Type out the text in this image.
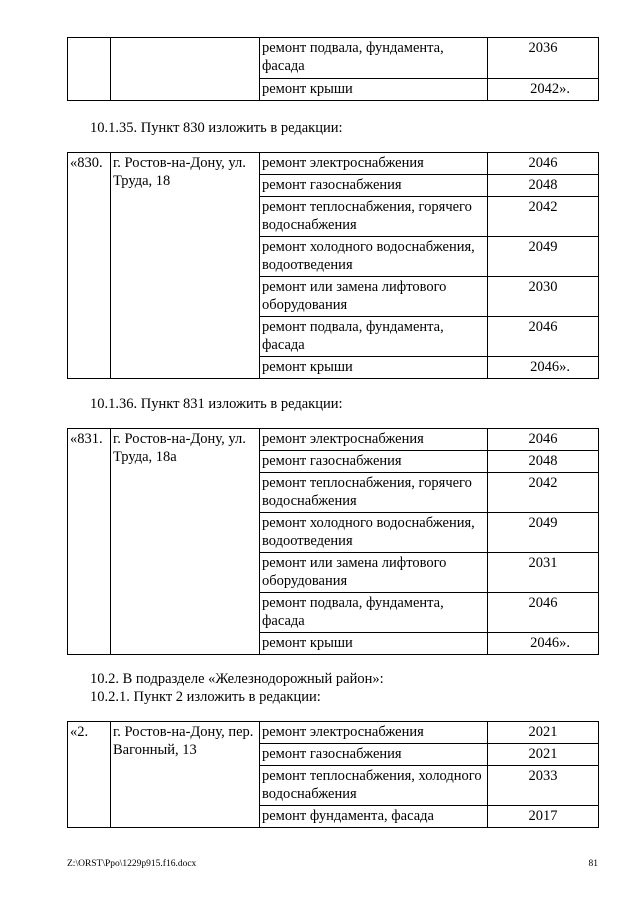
		ремонт подвала, фундамента, фасада	2036
		ремонт крыши	2042».
10.1.35. Пункт 830 изложить в редакции:
«830.	г. Ростов-на-Дону, ул. Труда, 18	ремонт электроснабжения	2046
		ремонт газоснабжения	2048
		ремонт теплоснабжения, горячего водоснабжения	2042
		ремонт холодного водоснабжения, водоотведения	2049
		ремонт или замена лифтового оборудования	2030
		ремонт подвала, фундамента, фасада	2046
		ремонт крыши	2046».
10.1.36. Пункт 831 изложить в редакции:
«831.	г. Ростов-на-Дону, ул. Труда, 18а	ремонт электроснабжения	2046
		ремонт газоснабжения	2048
		ремонт теплоснабжения, горячего водоснабжения	2042
		ремонт холодного водоснабжения, водоотведения	2049
		ремонт или замена лифтового оборудования	2031
		ремонт подвала, фундамента, фасада	2046
		ремонт крыши	2046».
10.2. В подразделе «Железнодорожный район»:
10.2.1. Пункт 2 изложить в редакции:
«2.	г. Ростов-на-Дону, пер. Вагонный, 13	ремонт электроснабжения	2021
		ремонт газоснабжения	2021
		ремонт теплоснабжения, холодного водоснабжения	2033
		ремонт фундамента, фасада	2017
Z:\ORST\Ppo\1229p915.f16.docx	81
